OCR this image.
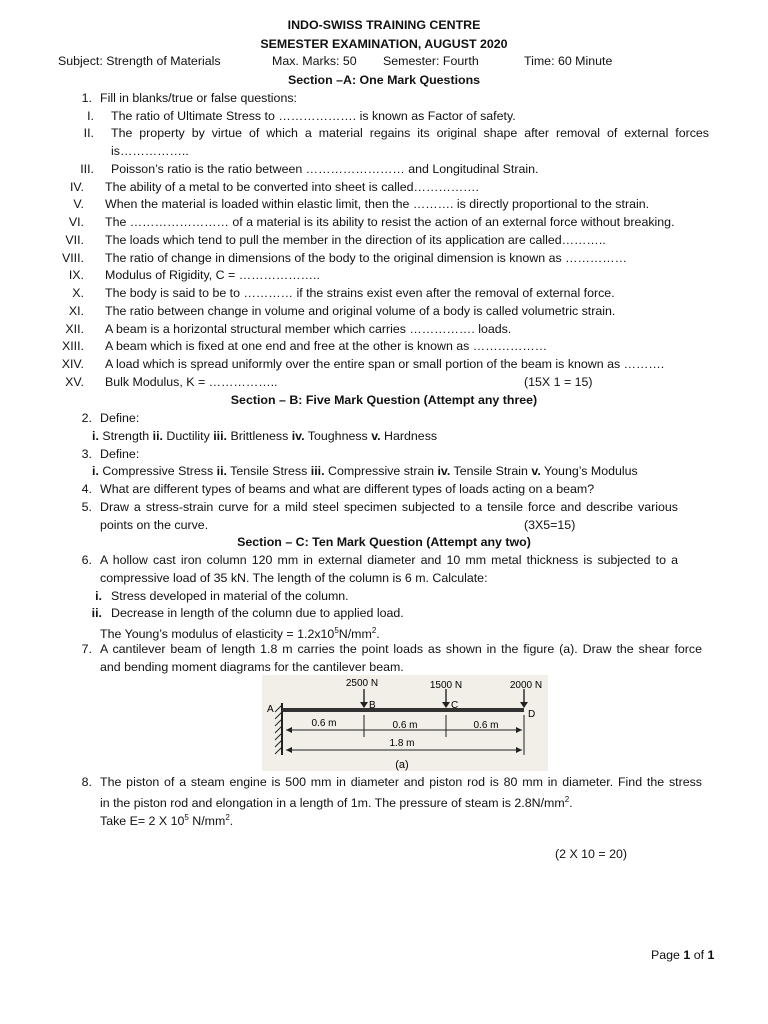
INDO-SWISS TRAINING CENTRE
SEMESTER EXAMINATION, AUGUST 2020
Subject: Strength of Materials	Max. Marks: 50 Semester: Fourth	Time: 60 Minute
Section –A: One Mark Questions
1. Fill in blanks/true or false questions:
I. The ratio of Ultimate Stress to ………………. is known as Factor of safety.
II. The property by virtue of which a material regains its original shape after removal of external forces
is……………..
III. Poisson’s ratio is the ratio between …………………… and Longitudinal Strain.
IV. The ability of a metal to be converted into sheet is called…………….
V. When the material is loaded within elastic limit, then the ………. is directly proportional to the strain.
VI. The …………………… of a material is its ability to resist the action of an external force without breaking.
VII. The loads which tend to pull the member in the direction of its application are called………..
VIII. The ratio of change in dimensions of the body to the original dimension is known as ……………
IX. Modulus of Rigidity, C = ………………..
X. The body is said to be to ………… if the strains exist even after the removal of external force.
XI. The ratio between change in volume and original volume of a body is called volumetric strain.
XII. A beam is a horizontal structural member which carries ……………. loads.
XIII. A beam which is fixed at one end and free at the other is known as ………………
XIV. A load which is spread uniformly over the entire span or small portion of the beam is known as ……….
XV. Bulk Modulus, K = ……………..	(15X 1 = 15)
Section – B: Five Mark Question (Attempt any three)
2. Define:
i. Strength ii. Ductility iii. Brittleness iv. Toughness v. Hardness
3. Define:
i. Compressive Stress ii. Tensile Stress iii. Compressive strain iv. Tensile Strain v. Young’s Modulus
4. What are different types of beams and what are different types of loads acting on a beam?
5. Draw a stress-strain curve for a mild steel specimen subjected to a tensile force and describe various
points on the curve.	(3X5=15)
Section – C: Ten Mark Question (Attempt any two)
6. A hollow cast iron column 120 mm in external diameter and 10 mm metal thickness is subjected to a
compressive load of 35 kN. The length of the column is 6 m. Calculate:
i. Stress developed in material of the column.
ii. Decrease in length of the column due to applied load.
The Young’s modulus of elasticity = $1.2x10^5N/mm^2$.
7. A cantilever beam of length 1.8 m carries the point loads as shown in the figure (a). Draw the shear force
and bending moment diagrams for the cantilever beam.
2500 N	1500 N	2000 N
A	B	C
D
0.6 m	0.6 m	0.6 m
1.8 m
(a)
8. The piston of a steam engine is 500 mm in diameter and piston rod is 80 mm in diameter. Find the stress
in the piston rod and elongation in a length of 1m. The pressure of steam is $2.8N/mm^2$.
Take E= 2 X $10^5$ $N/mm^2$.
(2 X 10 = 20)
Page 1 of 1
